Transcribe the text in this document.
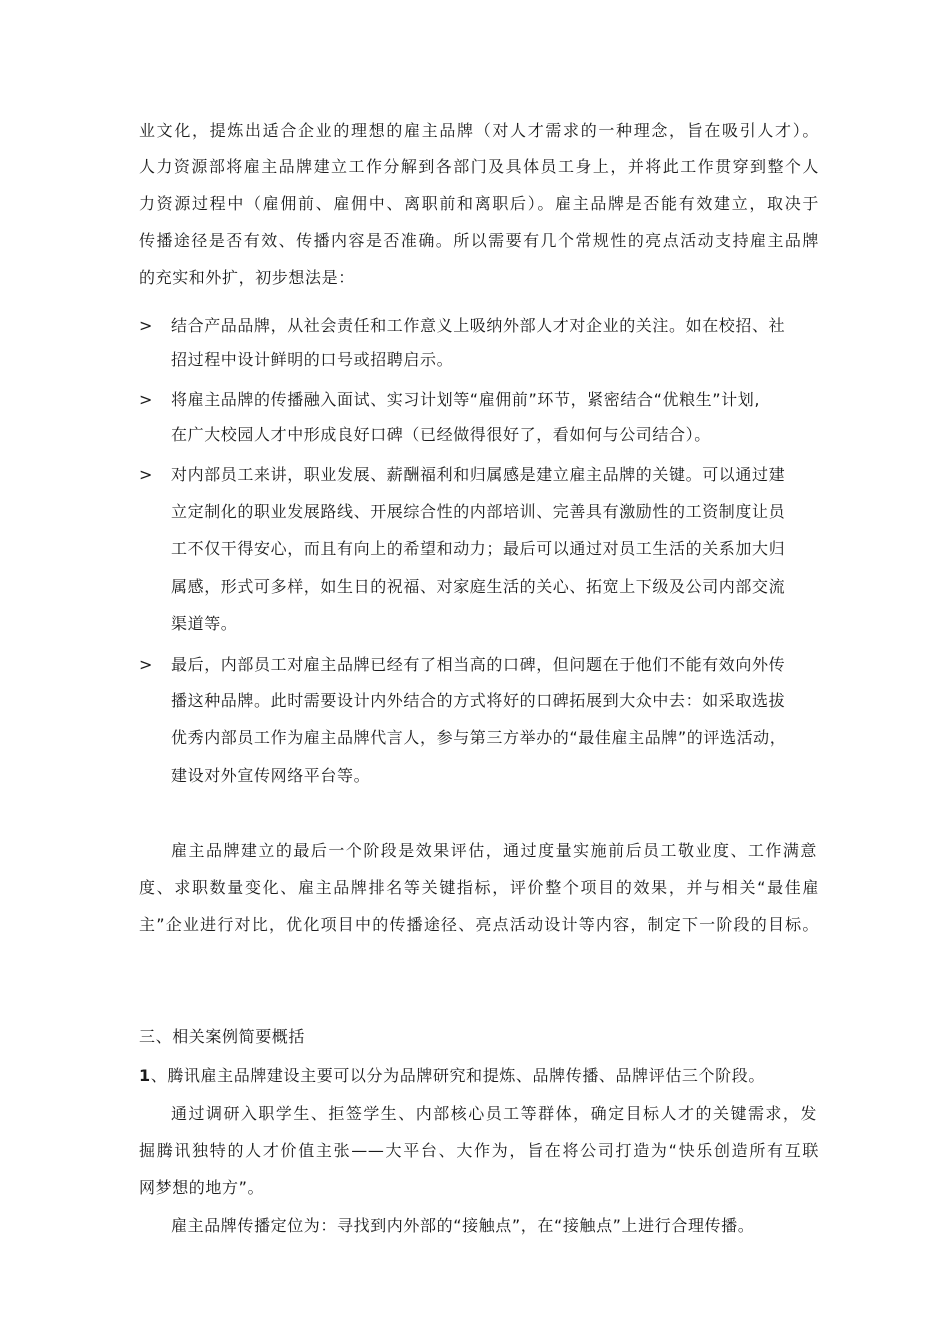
业文化，提炼出适合企业的理想的雇主品牌（对人才需求的一种理念，旨在吸引人才）。
人力资源部将雇主品牌建立工作分解到各部门及具体员工身上，并将此工作贯穿到整个人
力资源过程中（雇佣前、雇佣中、离职前和离职后）。雇主品牌是否能有效建立，取决于
传播途径是否有效、传播内容是否准确。所以需要有几个常规性的亮点活动支持雇主品牌
的充实和外扩，初步想法是：
> 结合产品品牌，从社会责任和工作意义上吸纳外部人才对企业的关注。如在校招、社
招过程中设计鲜明的口号或招聘启示。
> 将雇主品牌的传播融入面试、实习计划等“雇佣前”环节，紧密结合“优粮生”计划,
在广大校园人才中形成良好口碑（已经做得很好了，看如何与公司结合）。
> 对内部员工来讲，职业发展、薪酬福利和归属感是建立雇主品牌的关键。可以通过建
立定制化的职业发展路线、开展综合性的内部培训、完善具有激励性的工资制度让员
工不仅干得安心，而且有向上的希望和动力；最后可以通过对员工生活的关系加大归
属感，形式可多样，如生日的祝福、对家庭生活的关心、拓宽上下级及公司内部交流
渠道等。
> 最后，内部员工对雇主品牌已经有了相当高的口碑，但问题在于他们不能有效向外传
播这种品牌。此时需要设计内外结合的方式将好的口碑拓展到大众中去：如采取选拔
优秀内部员工作为雇主品牌代言人，参与第三方举办的“最佳雇主品牌”的评选活动，
建设对外宣传网络平台等。
雇主品牌建立的最后一个阶段是效果评估，通过度量实施前后员工敬业度、工作满意
度、求职数量变化、雇主品牌排名等关键指标，评价整个项目的效果，并与相关“最佳雇
主”企业进行对比，优化项目中的传播途径、亮点活动设计等内容，制定下一阶段的目标。
三、相关案例简要概括
1、腾讯雇主品牌建设主要可以分为品牌研究和提炼、品牌传播、品牌评估三个阶段。
通过调研入职学生、拒签学生、内部核心员工等群体，确定目标人才的关键需求，发
掘腾讯独特的人才价值主张——大平台、大作为，旨在将公司打造为“快乐创造所有互联
网梦想的地方”。
雇主品牌传播定位为：寻找到内外部的“接触点”，在“接触点”上进行合理传播。
